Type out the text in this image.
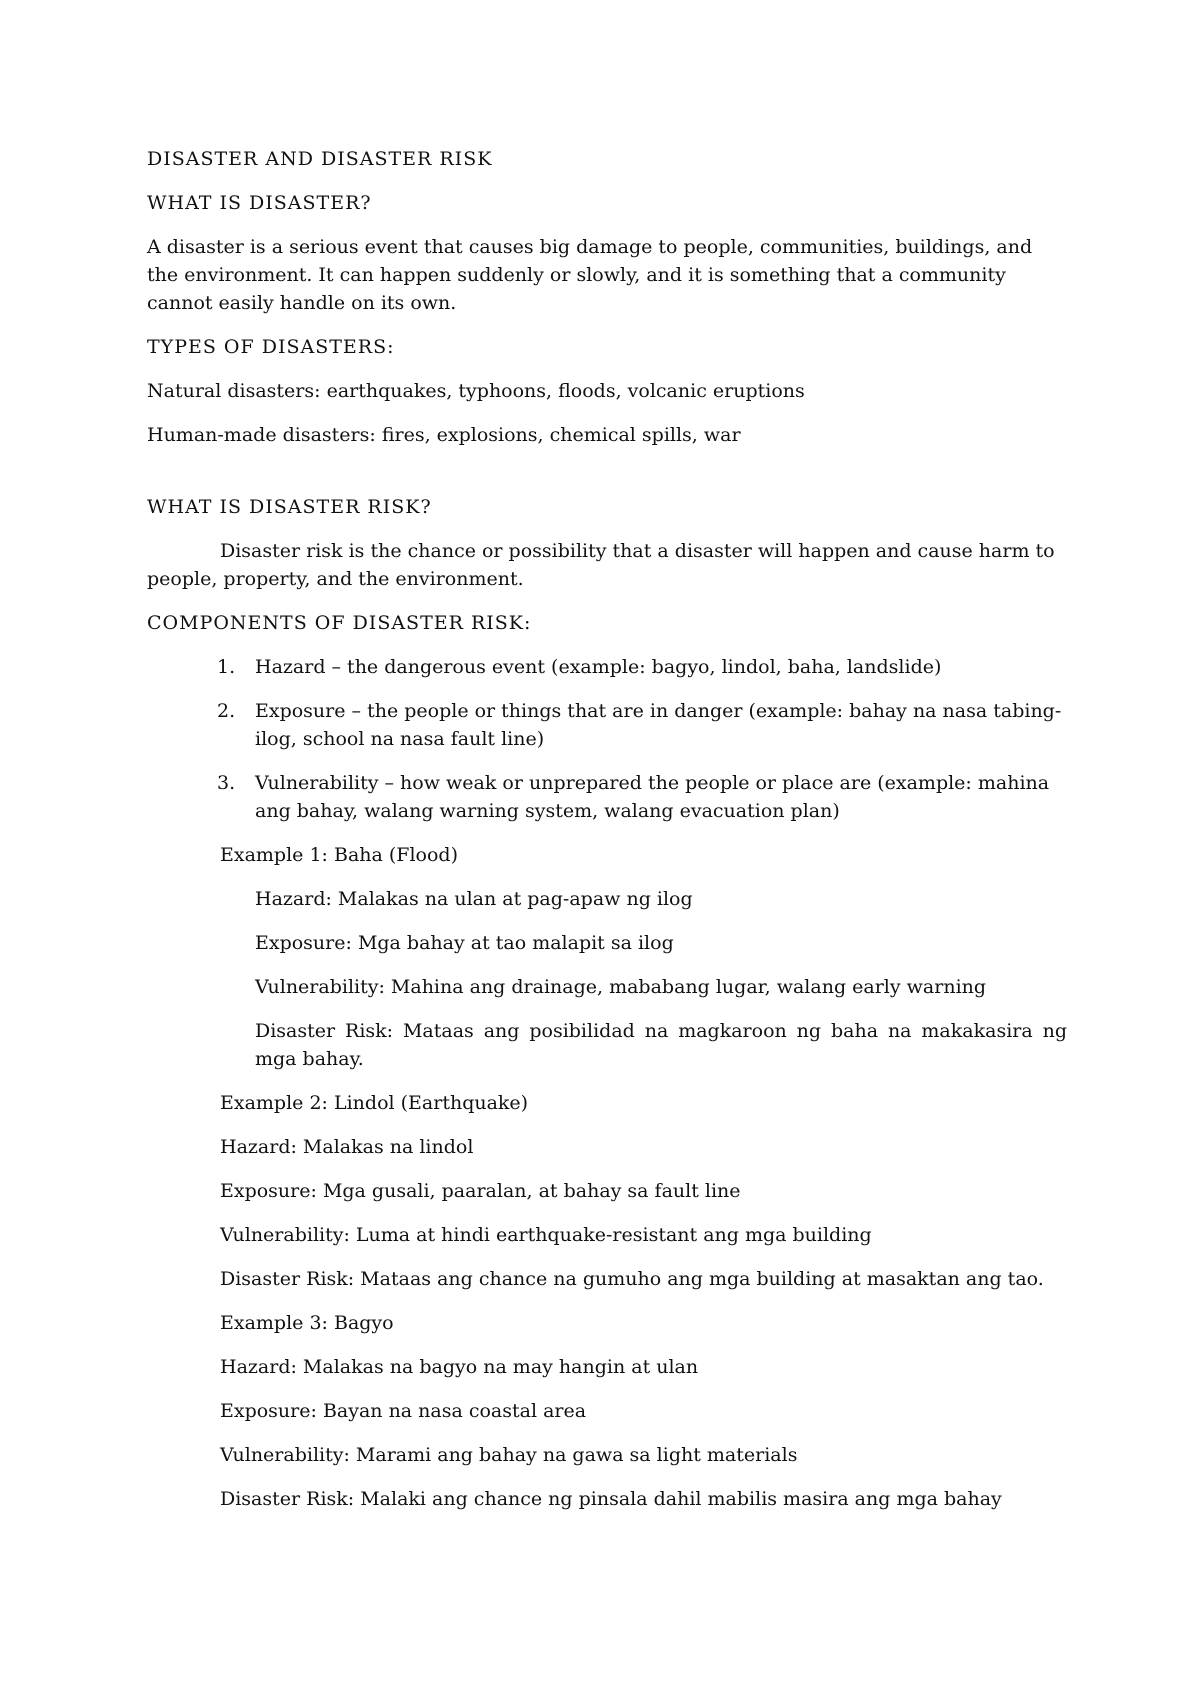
DISASTER AND DISASTER RISK

WHAT IS DISASTER?

A disaster is a serious event that causes big damage to people, communities, buildings, and the environment. It can happen suddenly or slowly, and it is something that a community cannot easily handle on its own.

TYPES OF DISASTERS:

Natural disasters: earthquakes, typhoons, floods, volcanic eruptions

Human-made disasters: fires, explosions, chemical spills, war

WHAT IS DISASTER RISK?

Disaster risk is the chance or possibility that a disaster will happen and cause harm to people, property, and the environment.

COMPONENTS OF DISASTER RISK:

1. Hazard – the dangerous event (example: bagyo, lindol, baha, landslide)
2. Exposure – the people or things that are in danger (example: bahay na nasa tabing-ilog, school na nasa fault line)
3. Vulnerability – how weak or unprepared the people or place are (example: mahina ang bahay, walang warning system, walang evacuation plan)

Example 1: Baha (Flood)

Hazard: Malakas na ulan at pag-apaw ng ilog

Exposure: Mga bahay at tao malapit sa ilog

Vulnerability: Mahina ang drainage, mababang lugar, walang early warning

Disaster Risk: Mataas ang posibilidad na magkaroon ng baha na makakasira ng mga bahay.

Example 2: Lindol (Earthquake)

Hazard: Malakas na lindol

Exposure: Mga gusali, paaralan, at bahay sa fault line

Vulnerability: Luma at hindi earthquake-resistant ang mga building

Disaster Risk: Mataas ang chance na gumuho ang mga building at masaktan ang tao.

Example 3: Bagyo

Hazard: Malakas na bagyo na may hangin at ulan

Exposure: Bayan na nasa coastal area

Vulnerability: Marami ang bahay na gawa sa light materials

Disaster Risk: Malaki ang chance ng pinsala dahil mabilis masira ang mga bahay
